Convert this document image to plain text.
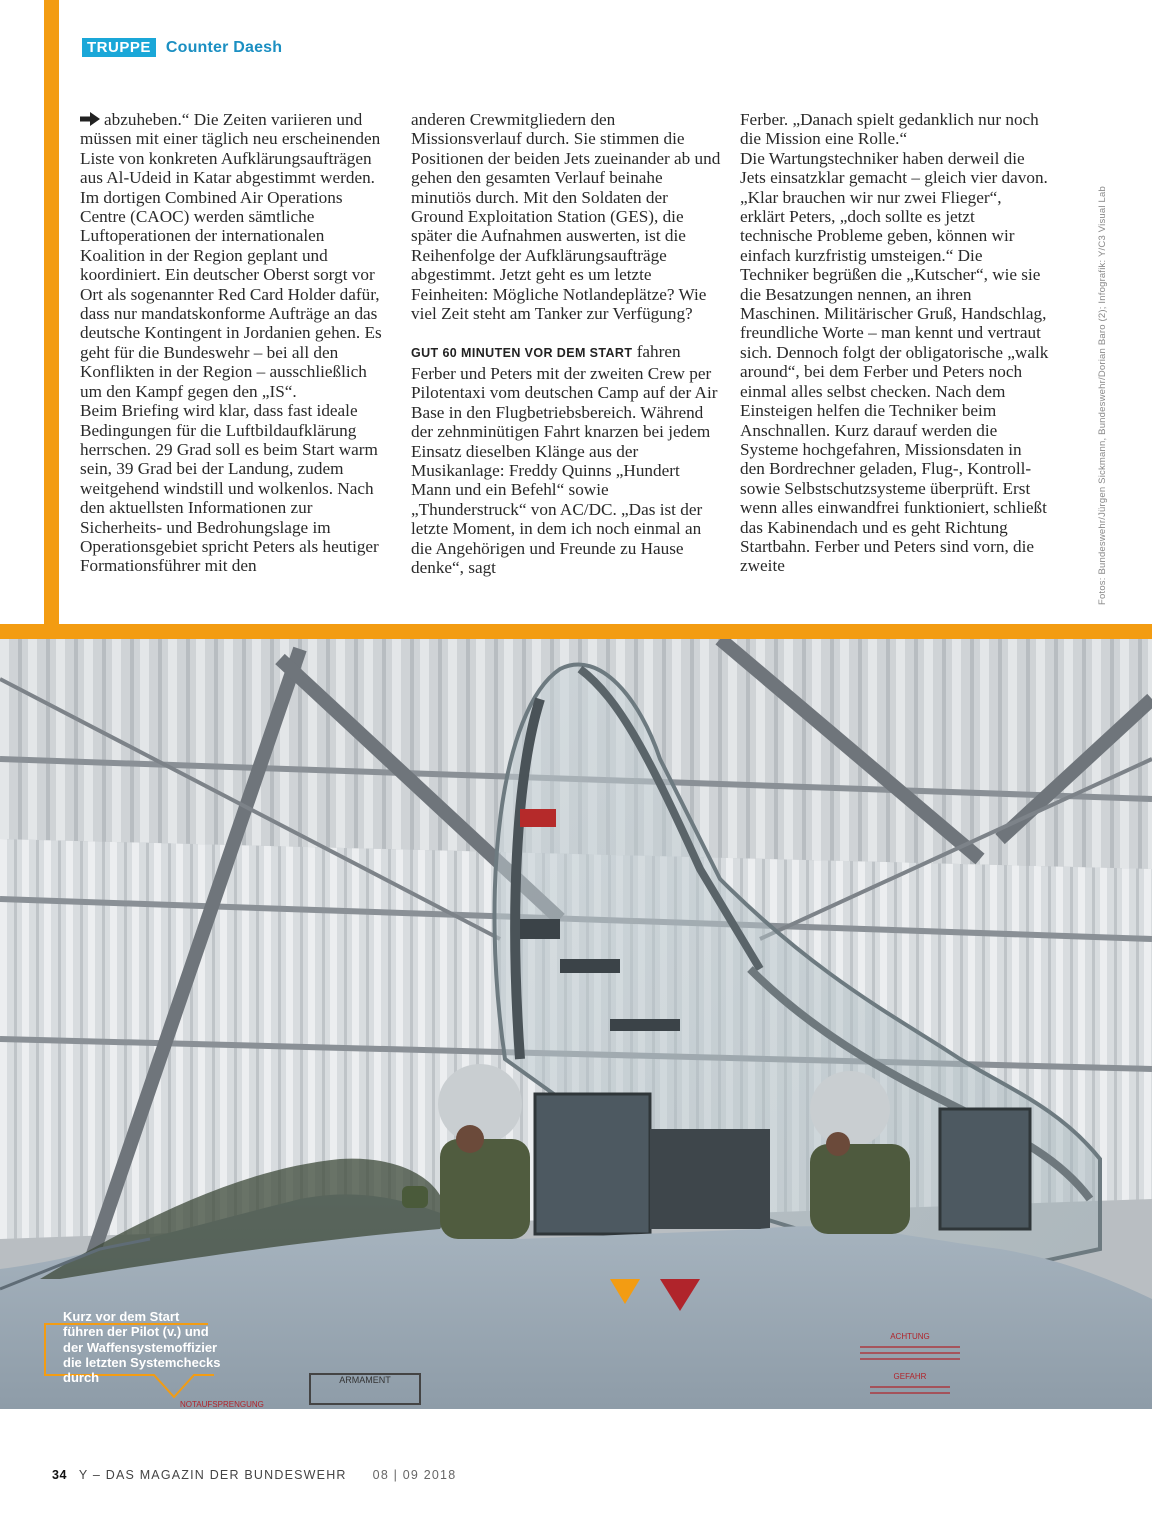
TRUPPE Counter Daesh

abzuheben.“ Die Zeiten variieren und müssen mit einer täglich neu erscheinenden Liste von konkreten Aufklärungsaufträgen aus Al-Udeid in Katar abgestimmt werden. Im dortigen Combined Air Operations Centre (CAOC) werden sämtliche Luftoperationen der internationalen Koalition in der Region geplant und koordiniert. Ein deutscher Oberst sorgt vor Ort als sogenannter Red Card Holder dafür, dass nur mandatskonforme Aufträge an das deutsche Kontingent in Jordanien gehen. Es geht für die Bundeswehr – bei all den Konflikten in der Region – ausschließlich um den Kampf gegen den „IS“.

Beim Briefing wird klar, dass fast ideale Bedingungen für die Luftbildaufklärung herrschen. 29 Grad soll es beim Start warm sein, 39 Grad bei der Landung, zudem weitgehend windstill und wolkenlos. Nach den aktuellsten Informationen zur Sicherheits- und Bedrohungslage im Operationsgebiet spricht Peters als heutiger Formationsführer mit den

anderen Crewmitgliedern den Missionsverlauf durch. Sie stimmen die Positionen der beiden Jets zueinander ab und gehen den gesamten Verlauf beinahe minutiös durch. Mit den Soldaten der Ground Exploitation Station (GES), die später die Aufnahmen auswerten, ist die Reihenfolge der Aufklärungsaufträge abgestimmt. Jetzt geht es um letzte Feinheiten: Mögliche Notlandeplätze? Wie viel Zeit steht am Tanker zur Verfügung?

GUT 60 MINUTEN VOR DEM START fahren Ferber und Peters mit der zweiten Crew per Pilotentaxi vom deutschen Camp auf der Air Base in den Flugbetriebsbereich. Während der zehnminütigen Fahrt knarzen bei jedem Einsatz dieselben Klänge aus der Musikanlage: Freddy Quinns „Hundert Mann und ein Befehl“ sowie „Thunderstruck“ von AC/DC. „Das ist der letzte Moment, in dem ich noch einmal an die Angehörigen und Freunde zu Hause denke“, sagt

Ferber. „Danach spielt gedanklich nur noch die Mission eine Rolle.“

Die Wartungstechniker haben derweil die Jets einsatzklar gemacht – gleich vier davon. „Klar brauchen wir nur zwei Flieger“, erklärt Peters, „doch sollte es jetzt technische Probleme geben, können wir einfach kurzfristig umsteigen.“ Die Techniker begrüßen die „Kutscher“, wie sie die Besatzungen nennen, an ihren Maschinen. Militärischer Gruß, Handschlag, freundliche Worte – man kennt und vertraut sich. Dennoch folgt der obligatorische „walk around“, bei dem Ferber und Peters noch einmal alles selbst checken. Nach dem Einsteigen helfen die Techniker beim Anschnallen. Kurz darauf werden die Systeme hochgefahren, Missionsdaten in den Bordrechner geladen, Flug-, Kontroll- sowie Selbstschutzsysteme überprüft. Erst wenn alles einwandfrei funktioniert, schließt das Kabinendach und es geht Richtung Startbahn. Ferber und Peters sind vorn, die zweite	Fotos: Bundeswehr/Jürgen Sickmann, Bundeswehr/Dorian Baro (2); Infografik: Y/C3 Visual Lab
ARMAMENT
NOTAUFSPRENGUNG
ACHTUNG
GEFAHR
Kurz vor dem Start führen der Pilot (v.) und der Waffensystemoffizier die letzten Systemchecks durch
34 Y – DAS MAGAZIN DER BUNDESWEHR 08 | 09 2018
